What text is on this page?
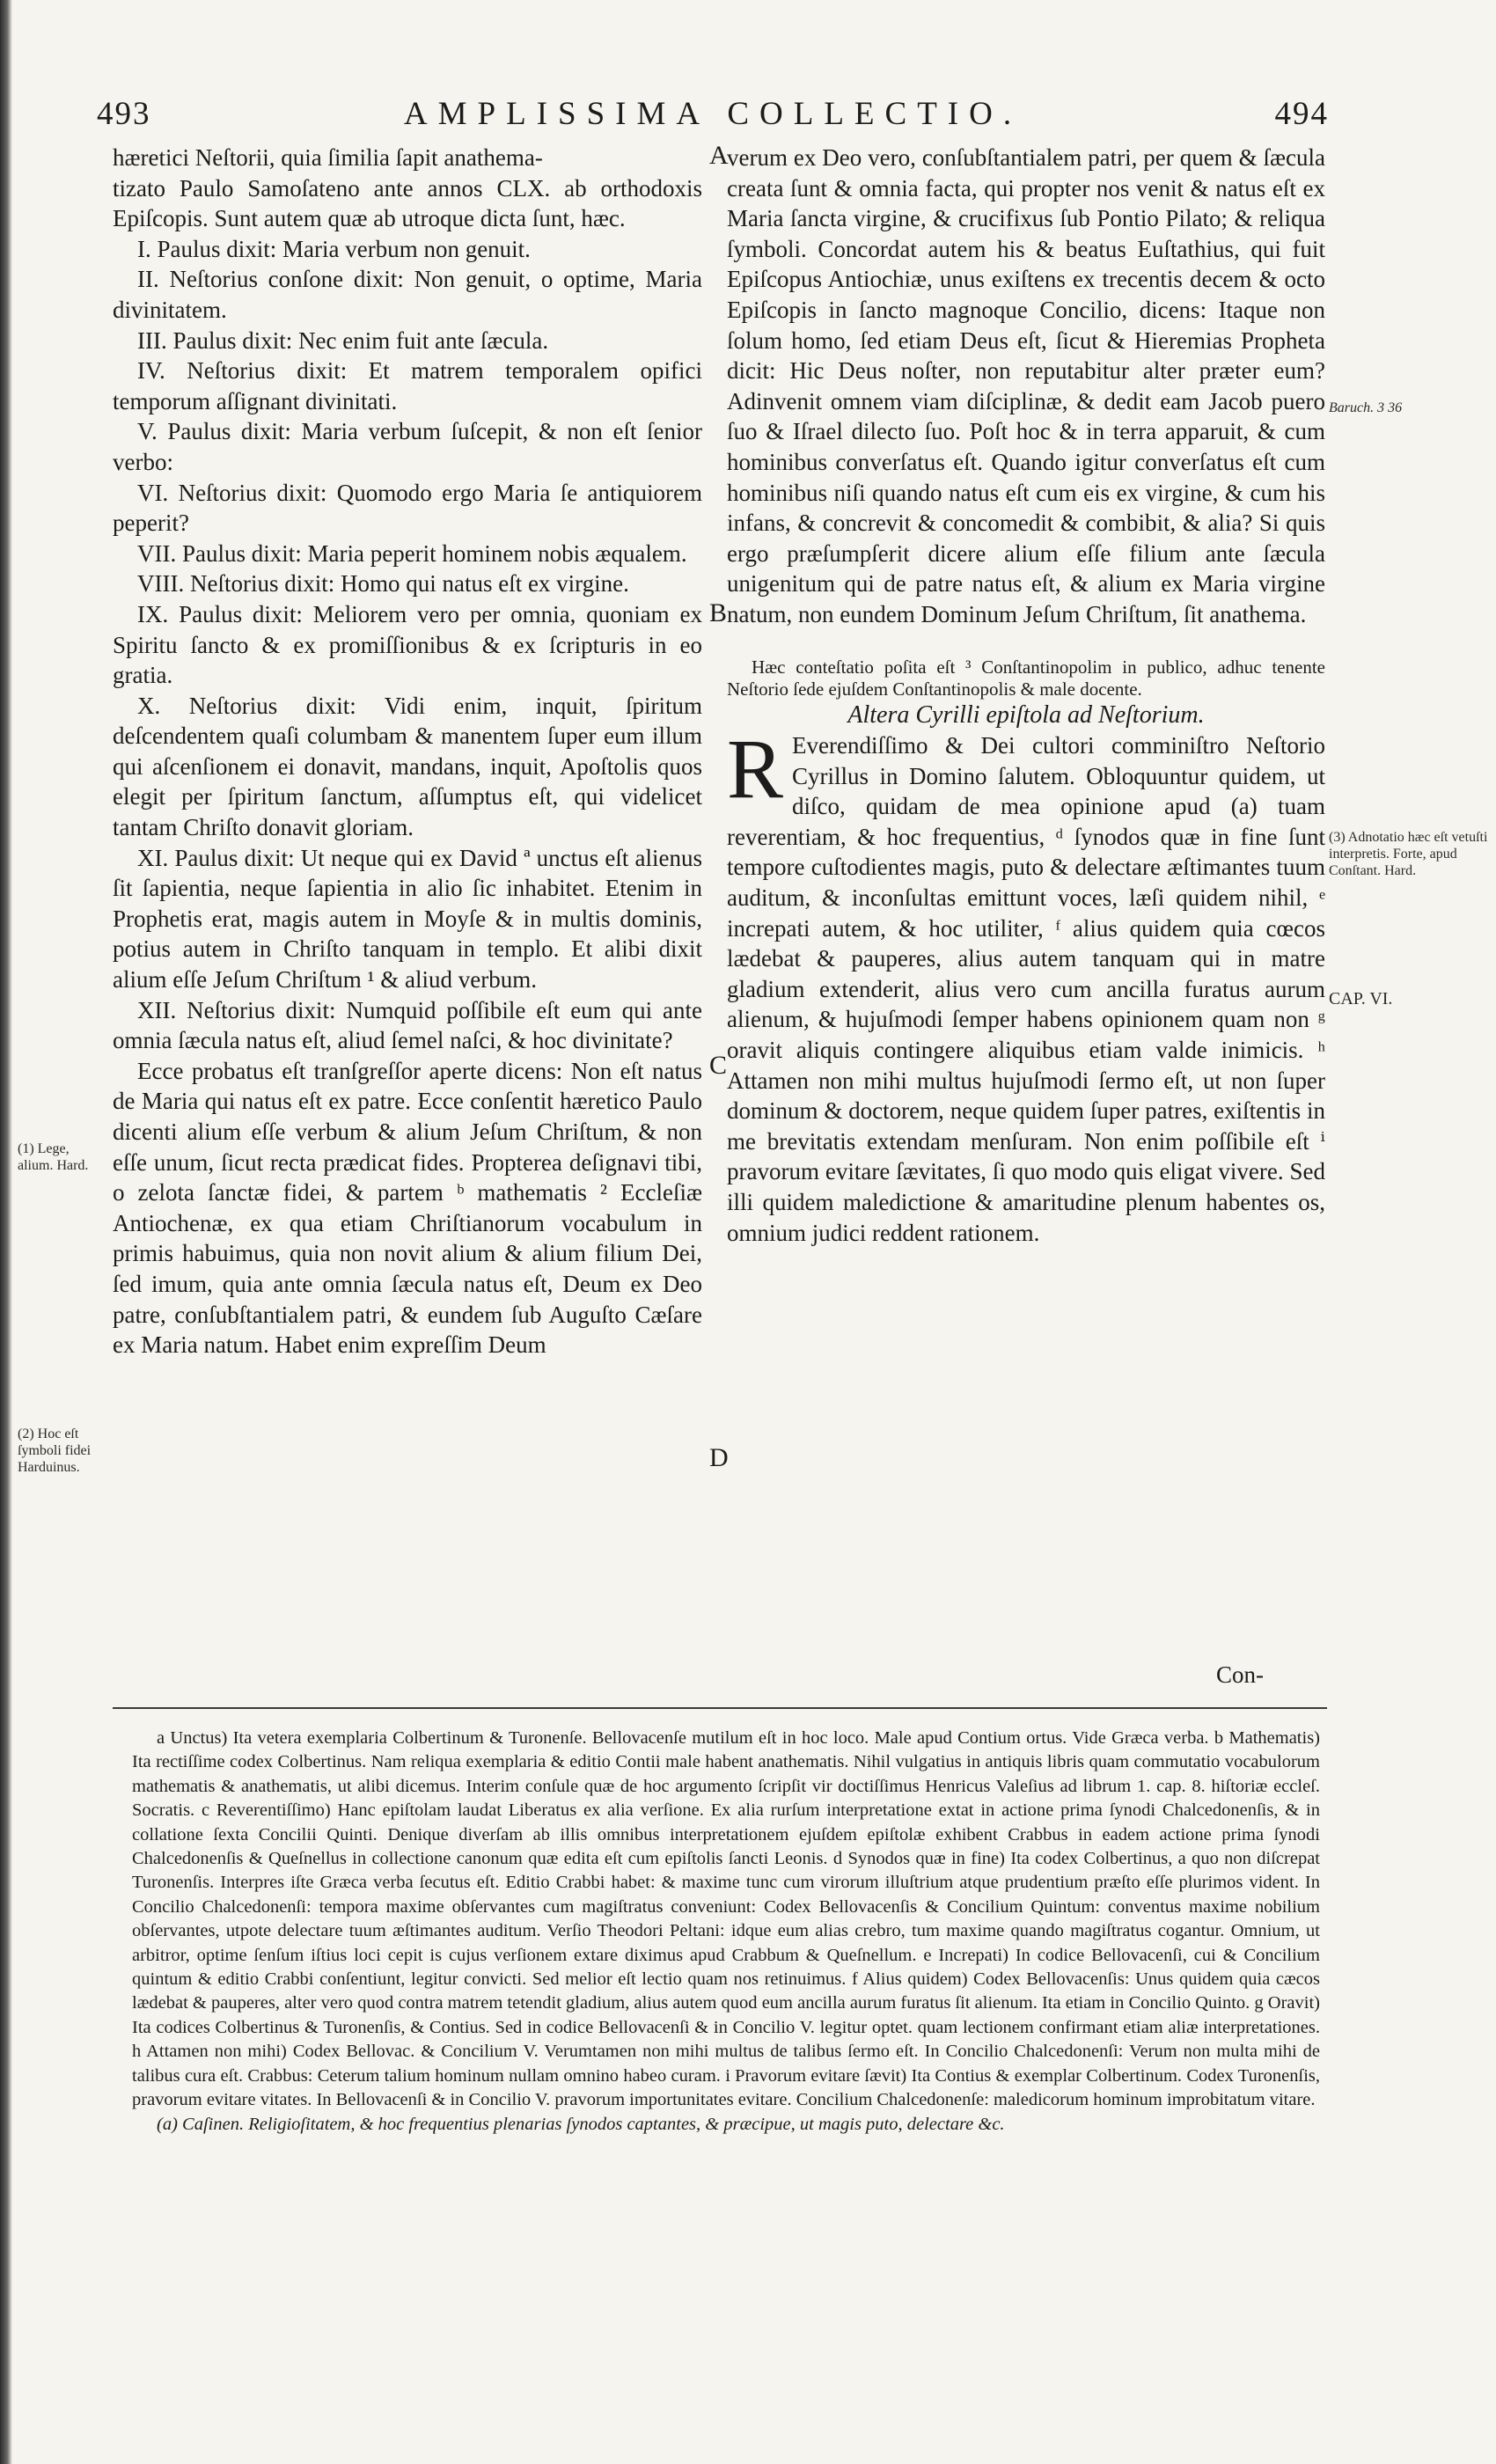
493	AMPLISSIMA COLLECTIO.	494

hæretici Neſtorii, quia ſimilia ſapit anathema-

tizato Paulo Samoſateno ante annos CLX. ab orthodoxis Epiſcopis. Sunt autem quæ ab utroque dicta ſunt, hæc.

I. Paulus dixit: Maria verbum non genuit.

II. Neſtorius conſone dixit: Non genuit, o optime, Maria divinitatem.

III. Paulus dixit: Nec enim fuit ante ſæcula.

IV. Neſtorius dixit: Et matrem temporalem opifici temporum aſſignant divinitati.

V. Paulus dixit: Maria verbum ſuſcepit, & non eſt ſenior verbo:

VI. Neſtorius dixit: Quomodo ergo Maria ſe antiquiorem peperit?

VII. Paulus dixit: Maria peperit hominem nobis æqualem.

VIII. Neſtorius dixit: Homo qui natus eſt ex virgine.

IX. Paulus dixit: Meliorem vero per omnia, quoniam ex Spiritu ſancto & ex promiſſionibus & ex ſcripturis in eo gratia.

X. Neſtorius dixit: Vidi enim, inquit, ſpiritum deſcendentem quaſi columbam & manentem ſuper eum illum qui aſcenſionem ei donavit, mandans, inquit, Apoſtolis quos elegit per ſpiritum ſanctum, aſſumptus eſt, qui videlicet tantam Chriſto donavit gloriam.

XI. Paulus dixit: Ut neque qui ex David ª unctus eſt alienus ſit ſapientia, neque ſapientia in alio ſic inhabitet. Etenim in Prophetis erat, magis autem in Moyſe & in multis dominis, potius autem in Chriſto tanquam in templo. Et alibi dixit alium eſſe Jeſum Chriſtum ¹ & aliud verbum.

XII. Neſtorius dixit: Numquid poſſibile eſt eum qui ante omnia ſæcula natus eſt, aliud ſemel naſci, & hoc divinitate?

Ecce probatus eſt tranſgreſſor aperte dicens: Non eſt natus de Maria qui natus eſt ex patre. Ecce conſentit hæretico Paulo dicenti alium eſſe verbum & alium Jeſum Chriſtum, & non eſſe unum, ſicut recta prædicat fides. Propterea deſignavi tibi, o zelota ſanctæ fidei, & partem ᵇ mathematis ² Eccleſiæ Antiochenæ, ex qua etiam Chriſtianorum vocabulum in primis habuimus, quia non novit alium & alium filium Dei, ſed imum, quia ante omnia ſæcula natus eſt, Deum ex Deo patre, conſubſtantialem patri, & eundem ſub Auguſto Cæſare ex Maria natum. Habet enim expreſſim Deum

verum ex Deo vero, conſubſtantialem patri, per quem & ſæcula creata ſunt & omnia facta, qui propter nos venit & natus eſt ex Maria ſancta virgine, & crucifixus ſub Pontio Pilato; & reliqua ſymboli. Concordat autem his & beatus Euſtathius, qui fuit Epiſcopus Antiochiæ, unus exiſtens ex trecentis decem & octo Epiſcopis in ſancto magnoque Concilio, dicens: Itaque non ſolum homo, ſed etiam Deus eſt, ſicut & Hieremias Propheta dicit: Hic Deus noſter, non reputabitur alter præter eum? Adinvenit omnem viam diſciplinæ, & dedit eam Jacob puero ſuo & Iſrael dilecto ſuo. Poſt hoc & in terra apparuit, & cum hominibus converſatus eſt. Quando igitur converſatus eſt cum hominibus niſi quando natus eſt cum eis ex virgine, & cum his infans, & concrevit & concomedit & combibit, & alia? Si quis ergo præſumpſerit dicere alium eſſe filium ante ſæcula unigenitum qui de patre natus eſt, & alium ex Maria virgine natum, non eundem Dominum Jeſum Chriſtum, ſit anathema.

Hæc conteſtatio poſita eſt ³ Conſtantinopolim in publico, adhuc tenente Neſtorio ſede ejuſdem Conſtantinopolis & male docente.

Altera Cyrilli epiſtola ad Neſtorium.

R Everendiſſimo & Dei cultori comminiſtro Neſtorio Cyrillus in Domino ſalutem. Obloquuntur quidem, ut diſco, quidam de mea opinione apud (a) tuam reverentiam, & hoc frequentius, ᵈ ſynodos quæ in fine ſunt tempore cuſtodientes magis, puto & delectare æſtimantes tuum auditum, & inconſultas emittunt voces, læſi quidem nihil, ᵉ increpati autem, & hoc utiliter, ᶠ alius quidem quia cœcos lædebat & pauperes, alius autem tanquam qui in matre gladium extenderit, alius vero cum ancilla furatus aurum alienum, & hujuſmodi ſemper habens opinionem quam non ᵍ oravit aliquis contingere aliquibus etiam valde inimicis. ʰ Attamen non mihi multus hujuſmodi ſermo eſt, ut non ſuper dominum & doctorem, neque quidem ſuper patres, exiſtentis in me brevitatis extendam menſuram. Non enim poſſibile eſt ⁱ pravorum evitare ſævitates, ſi quo modo quis eligat vivere. Sed illi quidem maledictione & amaritudine plenum habentes os, omnium judici reddent rationem.

A
B
C
D
Baruch. 3 36
(3) Adnotatio hæc eſt vetuſti interpretis. Forte, apud Conſtant. Hard.
CAP. VI.
(1) Lege, alium. Hard.
(2) Hoc eſt ſymboli fidei Harduinus.
Con-

a Unctus) Ita vetera exemplaria Colbertinum & Turonenſe. Bellovacenſe mutilum eſt in hoc loco. Male apud Contium ortus. Vide Græca verba. b Mathematis) Ita rectiſſime codex Colbertinus. Nam reliqua exemplaria & editio Contii male habent anathematis. Nihil vulgatius in antiquis libris quam commutatio vocabulorum mathematis & anathematis, ut alibi dicemus. Interim conſule quæ de hoc argumento ſcripſit vir doctiſſimus Henricus Valeſius ad librum 1. cap. 8. hiſtoriæ eccleſ. Socratis. c Reverentiſſimo) Hanc epiſtolam laudat Liberatus ex alia verſione. Ex alia rurſum interpretatione extat in actione prima ſynodi Chalcedonenſis, & in collatione ſexta Concilii Quinti. Denique diverſam ab illis omnibus interpretationem ejuſdem epiſtolæ exhibent Crabbus in eadem actione prima ſynodi Chalcedonenſis & Queſnellus in collectione canonum quæ edita eſt cum epiſtolis ſancti Leonis. d Synodos quæ in fine) Ita codex Colbertinus, a quo non diſcrepat Turonenſis. Interpres iſte Græca verba ſecutus eſt. Editio Crabbi habet: & maxime tunc cum virorum illuſtrium atque prudentium præſto eſſe plurimos vident. In Concilio Chalcedonenſi: tempora maxime obſervantes cum magiſtratus conveniunt: Codex Bellovacenſis & Concilium Quintum: conventus maxime nobilium obſervantes, utpote delectare tuum æſtimantes auditum. Verſio Theodori Peltani: idque eum alias crebro, tum maxime quando magiſtratus cogantur. Omnium, ut arbitror, optime ſenſum iſtius loci cepit is cujus verſionem extare diximus apud Crabbum & Queſnellum. e Increpati) In codice Bellovacenſi, cui & Concilium quintum & editio Crabbi conſentiunt, legitur convicti. Sed melior eſt lectio quam nos retinuimus. f Alius quidem) Codex Bellovacenſis: Unus quidem quia cæcos lædebat & pauperes, alter vero quod contra matrem tetendit gladium, alius autem quod eum ancilla aurum furatus ſit alienum. Ita etiam in Concilio Quinto. g Oravit) Ita codices Colbertinus & Turonenſis, & Contius. Sed in codice Bellovacenſi & in Concilio V. legitur optet. quam lectionem confirmant etiam aliæ interpretationes. h Attamen non mihi) Codex Bellovac. & Concilium V. Verumtamen non mihi multus de talibus ſermo eſt. In Concilio Chalcedonenſi: Verum non multa mihi de talibus cura eſt. Crabbus: Ceterum talium hominum nullam omnino habeo curam. i Pravorum evitare ſævit) Ita Contius & exemplar Colbertinum. Codex Turonenſis, pravorum evitare vitates. In Bellovacenſi & in Concilio V. pravorum importunitates evitare. Concilium Chalcedonenſe: maledicorum hominum improbitatum vitare.

(a) Caſinen. Religioſitatem, & hoc frequentius plenarias ſynodos captantes, & præcipue, ut magis puto, delectare &c.
